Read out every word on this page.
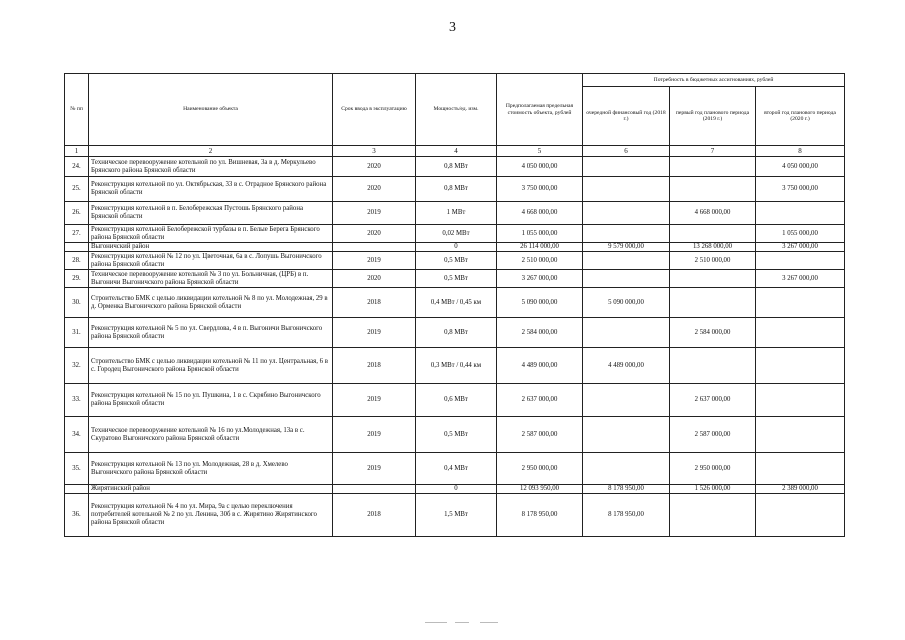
3
№ пп	Наименование объекта	Срок ввода в эксплуатацию	Мощность/ед. изм.	Предполагаемая предельная стоимость объекта, рублей	Потребность в бюджетных ассигнованиях, рублей		
					очередной финансовый год (2018 г.)	первый год планового периода (2019 г.)	второй год планового периода (2020 г.)
1	2	3	4	5	6	7	8
24.	Техническое перевооружение котельной по ул. Вишневая, 3а в д. Меркульево Брянского района Брянской области	2020	0,8 МВт	4 050 000,00			4 050 000,00
25.	Реконструкция котельной по ул. Октябрьская, 33 в с. Отрадное Брянского района Брянской области	2020	0,8 МВт	3 750 000,00			3 750 000,00
26.	Реконструкция котельной в п. Белобережская Пустошь Брянского района Брянской области	2019	1 МВт	4 668 000,00		4 668 000,00	
27.	Реконструкция котельной Белобережской турбазы в п. Белые Берега Брянского района Брянской области	2020	0,02 МВт	1 055 000,00			1 055 000,00
	Выгоничский район		0	26 114 000,00	9 579 000,00	13 268 000,00	3 267 000,00
28.	Реконструкция котельной № 12 по ул. Цветочная, 6а в с. Лопушь Выгоничского района Брянской области	2019	0,5 МВт	2 510 000,00		2 510 000,00	
29.	Техническое перевооружение котельной № 3 по ул. Больничная, (ЦРБ) в п. Выгоничи Выгоничского района Брянской области	2020	0,5 МВт	3 267 000,00			3 267 000,00
30.	Строительство БМК с целью ликвидации котельной № 8 по ул. Молодежная, 29 в д. Орменка Выгоничского района Брянской области	2018	0,4 МВт / 0,45 км	5 090 000,00	5 090 000,00		
31.	Реконструкция котельной № 5 по ул. Свердлова, 4 в п. Выгоничи Выгоничского района Брянской области	2019	0,8 МВт	2 584 000,00		2 584 000,00	
32.	Строительство БМК с целью ликвидации котельной № 11 по ул. Центральная, 6 в с. Городец Выгоничского района Брянской области	2018	0,3 МВт / 0,44 км	4 489 000,00	4 489 000,00		
33.	Реконструкция котельной № 15 по ул. Пушкина, 1 в с. Скрябино Выгоничского района Брянской области	2019	0,6 МВт	2 637 000,00		2 637 000,00	
34.	Техническое перевооружение котельной № 16 по ул.Молодежная, 13а в с. Скуратово Выгоничского района Брянской области	2019	0,5 МВт	2 587 000,00		2 587 000,00	
35.	Реконструкция котельной № 13 по ул. Молодежная, 28 в д. Хмелево Выгоничского района Брянской области	2019	0,4 МВт	2 950 000,00		2 950 000,00	
	Жирятинский район		0	12 093 950,00	8 178 950,00	1 526 000,00	2 389 000,00
36.	Реконструкция котельной № 4 по ул. Мира, 9а с целью переключения потребителей котельной № 2 по ул. Ленина, 30б в с. Жирятино Жирятинского района Брянской области	2018	1,5 МВт	8 178 950,00	8 178 950,00		
